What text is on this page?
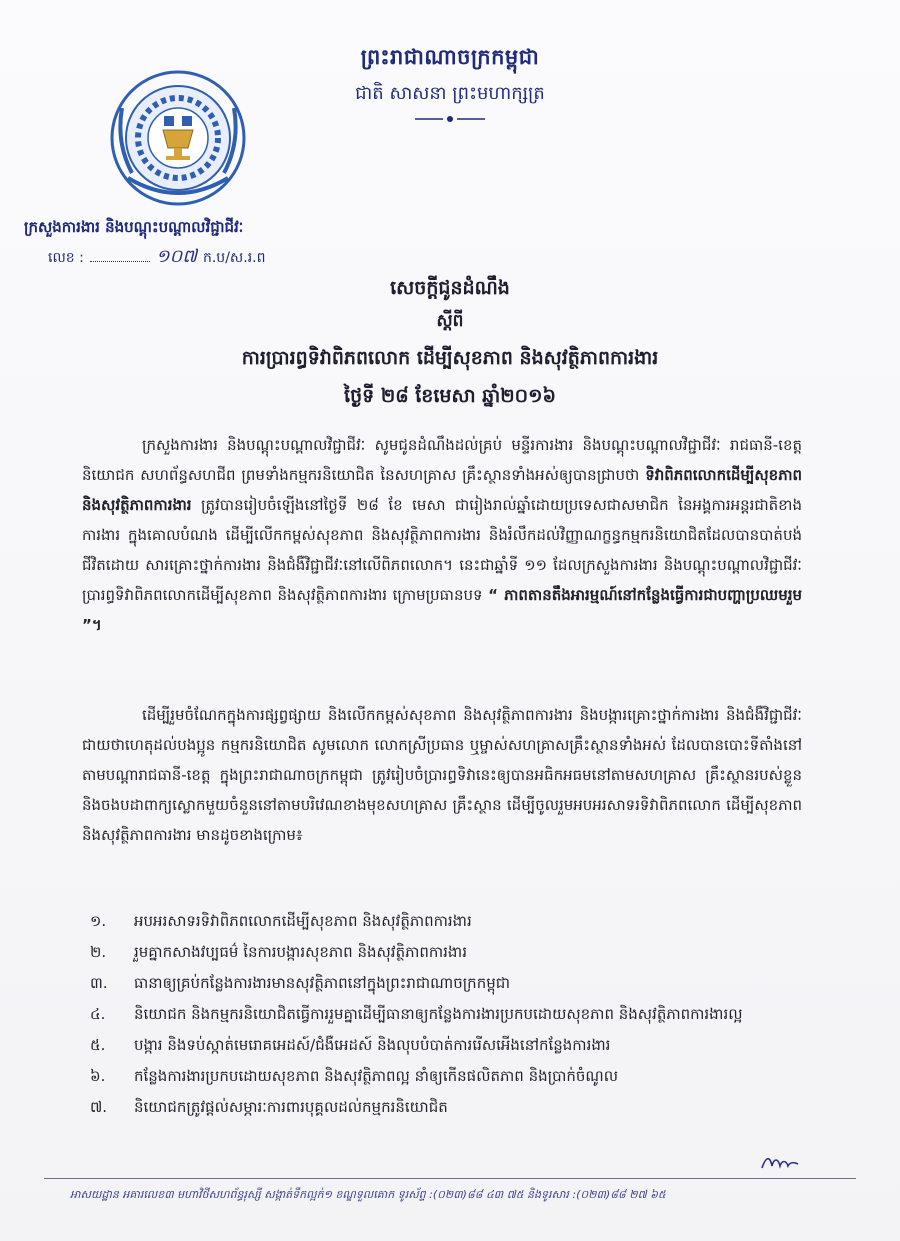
ព្រះរាជាណាចក្រកម្ពុជា
ជាតិ សាសនា ព្រះមហាក្សត្រ
ក្រសួងការងារ និងបណ្តុះបណ្តាលវិជ្ជាជីវៈ
លេខ :	១០៧ ក.ប/ស.រ.ព
សេចក្តីជូនដំណឹង
ស្តីពី
ការប្រារព្ធទិវាពិភពលោក ដើម្បីសុខភាព និងសុវត្ថិភាពការងារ
ថ្ងៃទី ២៨ ខែមេសា ឆ្នាំ២០១៦
ក្រសួងការងារ និងបណ្តុះបណ្តាលវិជ្ជាជីវៈ សូមជូនដំណឹងដល់គ្រប់ មន្ទីរការងារ និងបណ្តុះបណ្តាលវិជ្ជាជីវៈ រាជធានី-ខេត្ត និយោជក សហព័ន្ធសហជីព ព្រមទាំងកម្មករនិយោជិត នៃសហគ្រាស គ្រឹះស្ថានទាំងអស់ឲ្យបានជ្រាបថា ទិវាពិភពលោកដើម្បីសុខភាព និងសុវត្ថិភាពការងារ ត្រូវបានរៀបចំឡើងនៅថ្ងៃទី ២៨ ខែ មេសា ជារៀងរាល់ឆ្នាំដោយប្រទេសជាសមាជិក នៃអង្គការអន្តរជាតិខាងការងារ ក្នុងគោលបំណង ដើម្បីលើកកម្ពស់សុខភាព និងសុវត្ថិភាពការងារ និងរំលឹកដល់វិញ្ញាណក្ខន្ធកម្មករនិយោជិតដែលបានបាត់បង់ជីវិតដោយ សារគ្រោះថ្នាក់ការងារ និងជំងឺវិជ្ជាជីវៈនៅលើពិភពលោក។ នេះជាឆ្នាំទី ១១ ដែលក្រសួងការងារ និងបណ្តុះបណ្តាលវិជ្ជាជីវៈ ប្រារព្ធទិវាពិភពលោកដើម្បីសុខភាព និងសុវត្ថិភាពការងារ ក្រោមប្រធានបទ “ ភាពតានតឹងអារម្មណ៍នៅកន្លែងធ្វើការជាបញ្ហាប្រឈមរួម ”។
ដើម្បីរួមចំណែកក្នុងការផ្សព្វផ្សាយ និងលើកកម្ពស់សុខភាព និងសុវត្ថិភាពការងារ និងបង្ការគ្រោះថ្នាក់ការងារ និងជំងឺវិជ្ជាជីវៈជាយថាហេតុដល់បងប្អូន កម្មករនិយោជិត សូមលោក លោកស្រីប្រធាន ឬម្ចាស់សហគ្រាសគ្រឹះស្ថានទាំងអស់ ដែលបានបោះទីតាំងនៅតាមបណ្តារាជធានី-ខេត្ត ក្នុងព្រះរាជាណាចក្រកម្ពុជា ត្រូវរៀបចំប្រារព្ធទិវានេះឲ្យបានអធិកអធមនៅតាមសហគ្រាស គ្រឹះស្ថានរបស់ខ្លួន និងចងបដាពាក្យស្លោកមួយចំនួននៅតាមបរិវេណខាងមុខសហគ្រាស គ្រឹះស្ថាន ដើម្បីចូលរួមអបអរសាទរទិវាពិភពលោក ដើម្បីសុខភាព និងសុវត្ថិភាពការងារ មានដូចខាងក្រោម៖
១.	អបអរសាទរទិវាពិភពលោកដើម្បីសុខភាព និងសុវត្ថិភាពការងារ
២.	រួមគ្នាកសាងវប្បធម៌ នៃការបង្ការសុខភាព និងសុវត្ថិភាពការងារ
៣.	ធានាឲ្យគ្រប់កន្លែងការងារមានសុវត្ថិភាពនៅក្នុងព្រះរាជាណាចក្រកម្ពុជា
៤.	និយោជក និងកម្មករនិយោជិតធ្វើការរួមគ្នាដើម្បីធានាឲ្យកន្លែងការងារប្រកបដោយសុខភាព និងសុវត្ថិភាពការងារល្អ
៥.	បង្ការ និងទប់ស្កាត់មេរោគអេដស៍/ជំងឺអេដស៍ និងលុបបំបាត់ការរើសអើងនៅកន្លែងការងារ
៦.	កន្លែងការងារប្រកបដោយសុខភាព និងសុវត្ថិភាពល្អ នាំឲ្យកើនផលិតភាព និងប្រាក់ចំណូល
៧.	និយោជកត្រូវផ្តល់សម្ភារៈការពារបុគ្គលដល់កម្មករនិយោជិត
អាសយដ្ឋាន អគារលេខ៣ មហាវិថីសហព័ន្ធរុស្សី សង្កាត់ទឹកល្អក់១ ខណ្ឌទួលគោក ទូរស័ព្ទ :(០២៣)៨៨ ៤៣ ៧៥ និងទូរសារ :(០២៣)៨៨ ២៧ ៦៥
